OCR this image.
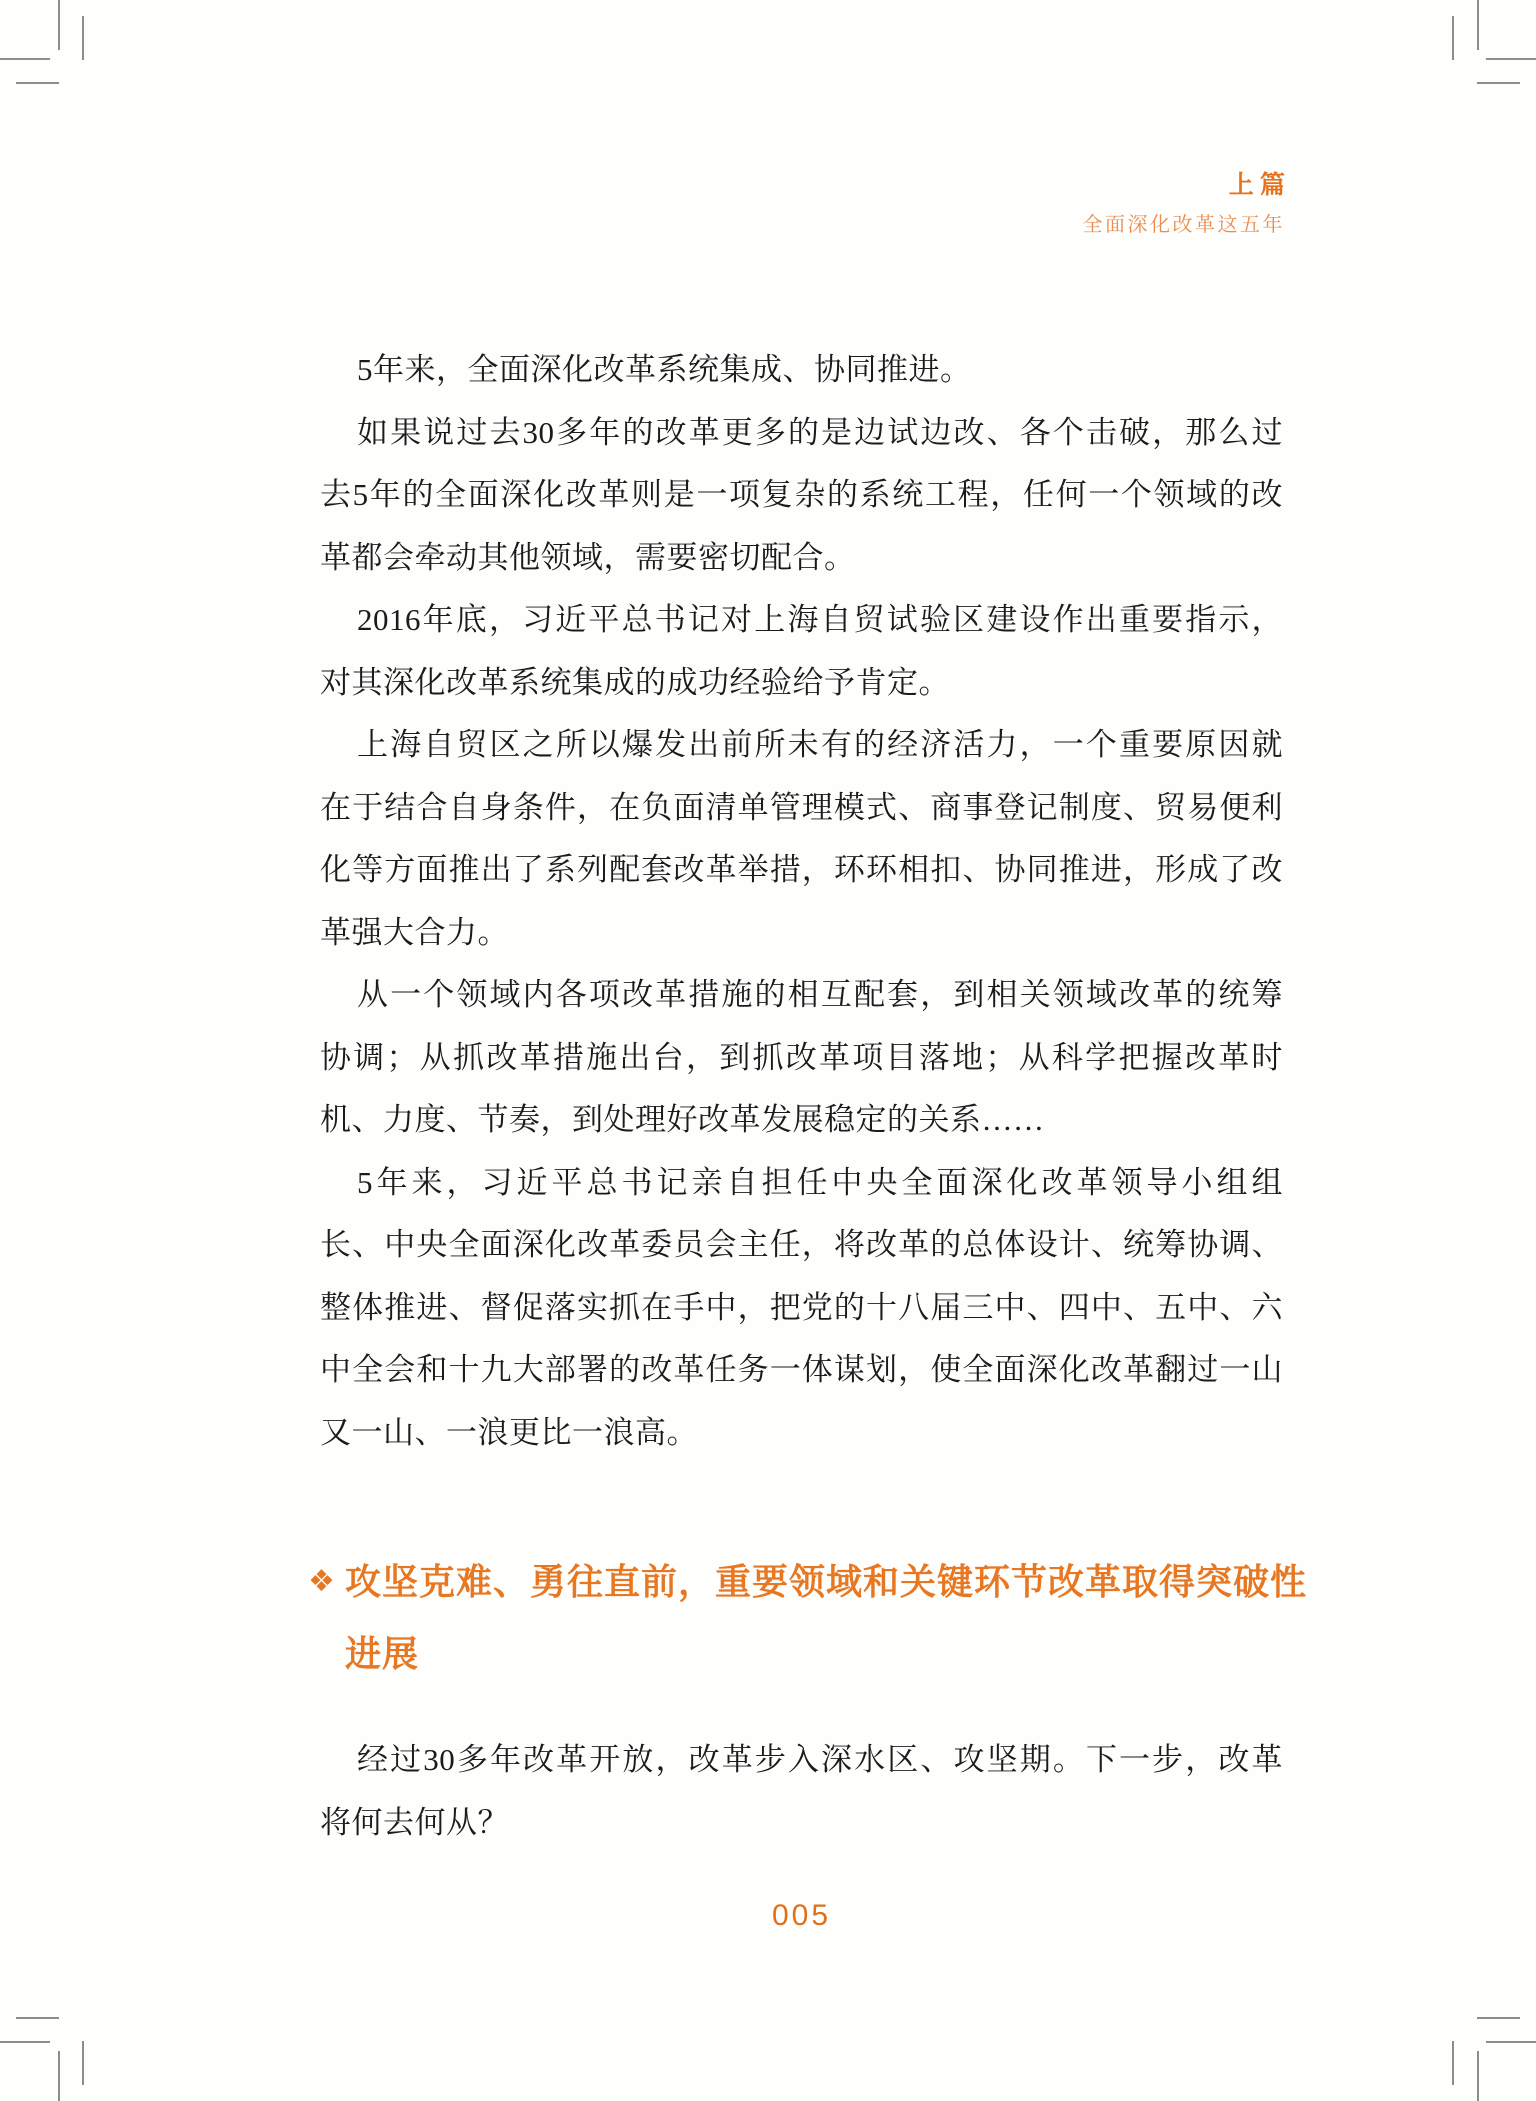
上 篇
全面深化改革这五年
5年来，全面深化改革系统集成、协同推进。
如果说过去30多年的改革更多的是边试边改、各个击破，那么过
去5年的全面深化改革则是一项复杂的系统工程，任何一个领域的改
革都会牵动其他领域，需要密切配合。
2016年底，习近平总书记对上海自贸试验区建设作出重要指示，
对其深化改革系统集成的成功经验给予肯定。
上海自贸区之所以爆发出前所未有的经济活力，一个重要原因就
在于结合自身条件，在负面清单管理模式、商事登记制度、贸易便利
化等方面推出了系列配套改革举措，环环相扣、协同推进，形成了改
革强大合力。
从一个领域内各项改革措施的相互配套，到相关领域改革的统筹
协调；从抓改革措施出台，到抓改革项目落地；从科学把握改革时
机、力度、节奏，到处理好改革发展稳定的关系……
5年来，习近平总书记亲自担任中央全面深化改革领导小组组
长、中央全面深化改革委员会主任，将改革的总体设计、统筹协调、
整体推进、督促落实抓在手中，把党的十八届三中、四中、五中、六
中全会和十九大部署的改革任务一体谋划，使全面深化改革翻过一山
又一山、一浪更比一浪高。
❖ 攻坚克难、勇往直前，重要领域和关键环节改革取得突破性
进展
经过30多年改革开放，改革步入深水区、攻坚期。下一步，改革
将何去何从？
005
